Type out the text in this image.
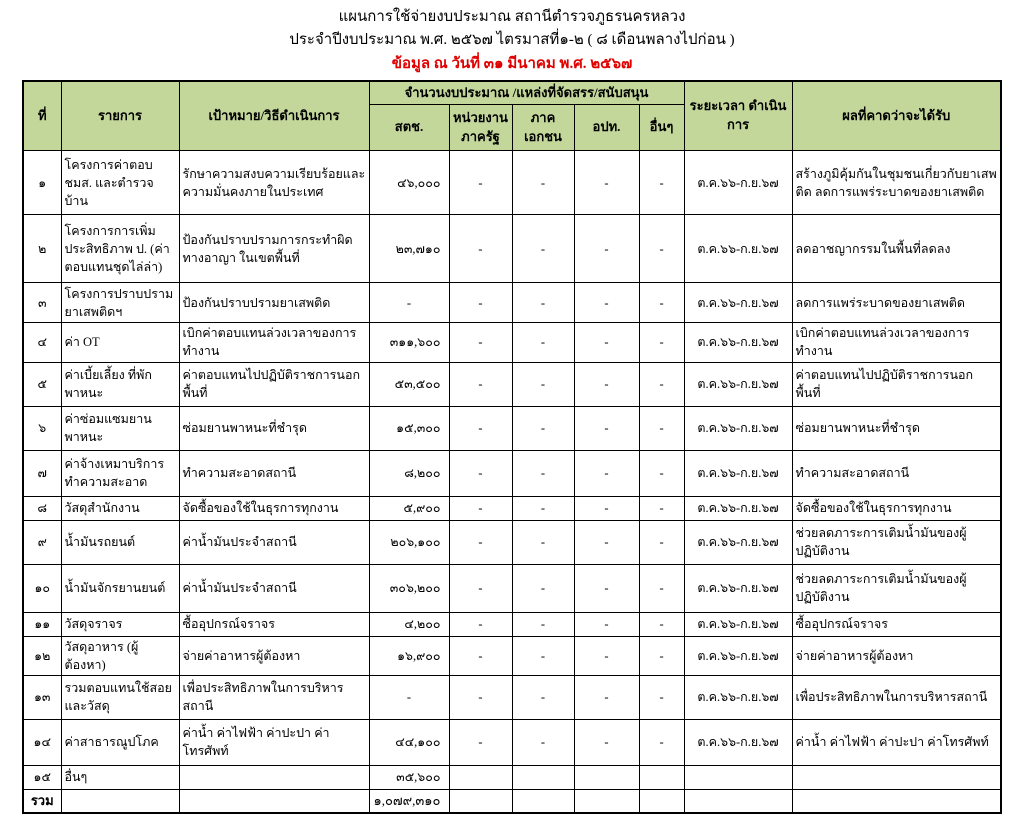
แผนการใช้จ่ายงบประมาณ สถานีตำรวจภูธรนครหลวง
ประจำปีงบประมาณ พ.ศ. ๒๕๖๗ ไตรมาสที่๑-๒ ( ๘ เดือนพลางไปก่อน )
ข้อมูล ณ วันที่ ๓๑ มีนาคม พ.ศ. ๒๕๖๗
ที่	รายการ	เป้าหมาย/วิธีดำเนินการ	จำนวนงบประมาณ /แหล่งที่จัดสรร/สนับสนุน					ระยะเวลา ดำเนินการ	ผลที่คาดว่าจะได้รับ
			สตช.	หน่วยงานภาครัฐ	ภาคเอกชน	อปท.	อื่นๆ		
๑	โครงการค่าตอบ ชมส. และตำรวจบ้าน	รักษาความสงบความเรียบร้อยและความมั่นคงภายในประเทศ	๔๖,๐๐๐	-	-	-	-	ต.ค.๖๖-ก.ย.๖๗	สร้างภูมิคุ้มกันในชุมชนเกี่ยวกับยาเสพติด ลดการแพร่ระบาดของยาเสพติด
๒	โครงการการเพิ่มประสิทธิภาพ ป. (ค่าตอบแทนชุดไล่ล่า)	ป้องกันปราบปรามการกระทำผิดทางอาญา ในเขตพื้นที่	๒๓,๗๑๐	-	-	-	-	ต.ค.๖๖-ก.ย.๖๗	ลดอาชญากรรมในพื้นที่ลดลง
๓	โครงการปราบปรามยาเสพติดฯ	ป้องกันปราบปรามยาเสพติด	-	-	-	-	-	ต.ค.๖๖-ก.ย.๖๗	ลดการแพร่ระบาดของยาเสพติด
๔	ค่า OT	เบิกค่าตอบแทนล่วงเวลาของการทำงาน	๓๑๑,๖๐๐	-	-	-	-	ต.ค.๖๖-ก.ย.๖๗	เบิกค่าตอบแทนล่วงเวลาของการทำงาน
๕	ค่าเบี้ยเลี้ยง ที่พัก พาหนะ	ค่าตอบแทนไปปฏิบัติราชการนอกพื้นที่	๕๓,๕๐๐	-	-	-	-	ต.ค.๖๖-ก.ย.๖๗	ค่าตอบแทนไปปฏิบัติราชการนอกพื้นที่
๖	ค่าซ่อมแซมยานพาหนะ	ซ่อมยานพาหนะที่ชำรุด	๑๕,๓๐๐	-	-	-	-	ต.ค.๖๖-ก.ย.๖๗	ซ่อมยานพาหนะที่ชำรุด
๗	ค่าจ้างเหมาบริการ ทำความสะอาด	ทำความสะอาดสถานี	๘,๒๐๐	-	-	-	-	ต.ค.๖๖-ก.ย.๖๗	ทำความสะอาดสถานี
๘	วัสดุสำนักงาน	จัดซื้อของใช้ในธุรการทุกงาน	๕,๙๐๐	-	-	-	-	ต.ค.๖๖-ก.ย.๖๗	จัดซื้อของใช้ในธุรการทุกงาน
๙	น้ำมันรถยนต์	ค่าน้ำมันประจำสถานี	๒๐๖,๑๐๐	-	-	-	-	ต.ค.๖๖-ก.ย.๖๗	ช่วยลดภาระการเติมน้ำมันของผู้ปฏิบัติงาน
๑๐	น้ำมันจักรยานยนต์	ค่าน้ำมันประจำสถานี	๓๐๖,๒๐๐	-	-	-	-	ต.ค.๖๖-ก.ย.๖๗	ช่วยลดภาระการเติมน้ำมันของผู้ปฏิบัติงาน
๑๑	วัสดุจราจร	ซื้ออุปกรณ์จราจร	๔,๒๐๐	-	-	-	-	ต.ค.๖๖-ก.ย.๖๗	ซื้ออุปกรณ์จราจร
๑๒	วัสดุอาหาร (ผู้ต้องหา)	จ่ายค่าอาหารผู้ต้องหา	๑๖,๙๐๐	-	-	-	-	ต.ค.๖๖-ก.ย.๖๗	จ่ายค่าอาหารผู้ต้องหา
๑๓	รวมตอบแทนใช้สอยและวัสดุ	เพื่อประสิทธิภาพในการบริหารสถานี	-	-	-	-	-	ต.ค.๖๖-ก.ย.๖๗	เพื่อประสิทธิภาพในการบริหารสถานี
๑๔	ค่าสาธารณูปโภค	ค่าน้ำ ค่าไฟฟ้า ค่าปะปา ค่าโทรศัพท์	๔๔,๑๐๐	-	-	-	-	ต.ค.๖๖-ก.ย.๖๗	ค่าน้ำ ค่าไฟฟ้า ค่าปะปา ค่าโทรศัพท์
๑๕	อื่นๆ		๓๕,๖๐๐						
รวม			๑,๐๗๙,๓๑๐						
